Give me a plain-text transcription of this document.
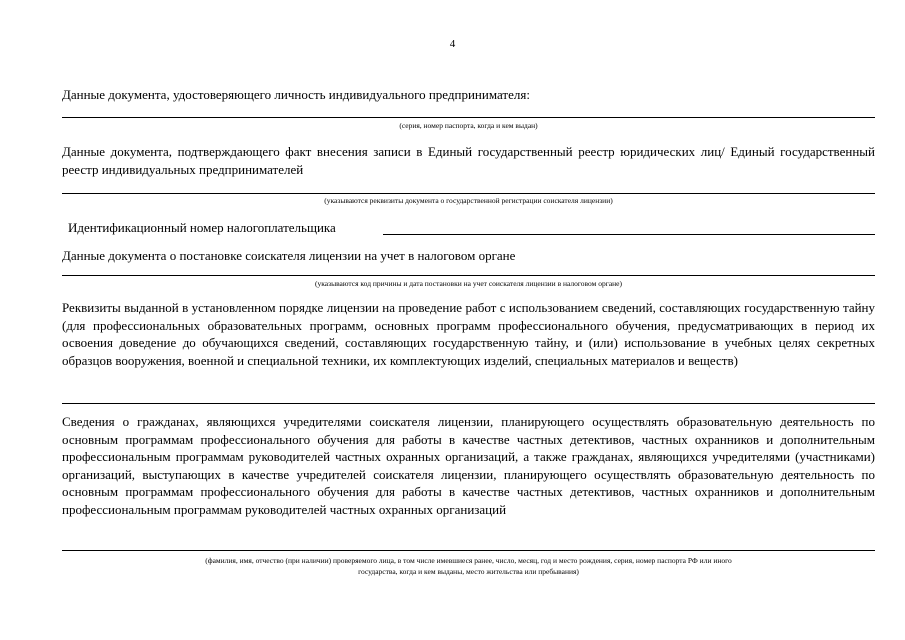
4
Данные документа, удостоверяющего личность индивидуального предпринимателя:
(серия, номер паспорта, когда и кем выдан)
Данные документа, подтверждающего факт внесения записи в Единый государственный реестр юридических лиц/ Единый государственный реестр индивидуальных предпринимателей
(указываются реквизиты документа о государственной регистрации соискателя лицензии)
Идентификационный номер налогоплательщика
Данные документа о постановке соискателя лицензии на учет в налоговом органе
(указываются код причины и дата постановки на учет соискателя лицензии в налоговом органе)
Реквизиты выданной в установленном порядке лицензии на проведение работ с использованием сведений, составляющих государственную тайну (для профессиональных образовательных программ, основных программ профессионального обучения, предусматривающих в период их освоения доведение до обучающихся сведений, составляющих государственную тайну, и (или) использование в учебных целях секретных образцов вооружения, военной и специальной техники, их комплектующих изделий, специальных материалов и веществ)
Сведения о гражданах, являющихся учредителями соискателя лицензии, планирующего осуществлять образовательную деятельность по основным программам профессионального обучения для работы в качестве частных детективов, частных охранников и дополнительным профессиональным программам руководителей частных охранных организаций, а также гражданах, являющихся учредителями (участниками) организаций, выступающих в качестве учредителей соискателя лицензии, планирующего осуществлять образовательную деятельность по основным программам профессионального обучения для работы в качестве частных детективов, частных охранников и дополнительным профессиональным программам руководителей частных охранных организаций
(фамилия, имя, отчество (при наличии) проверяемого лица, в том числе имевшиеся ранее, число, месяц, год и место рождения, серия, номер паспорта РФ или иного
государства, когда и кем выданы, место жительства или пребывания)
